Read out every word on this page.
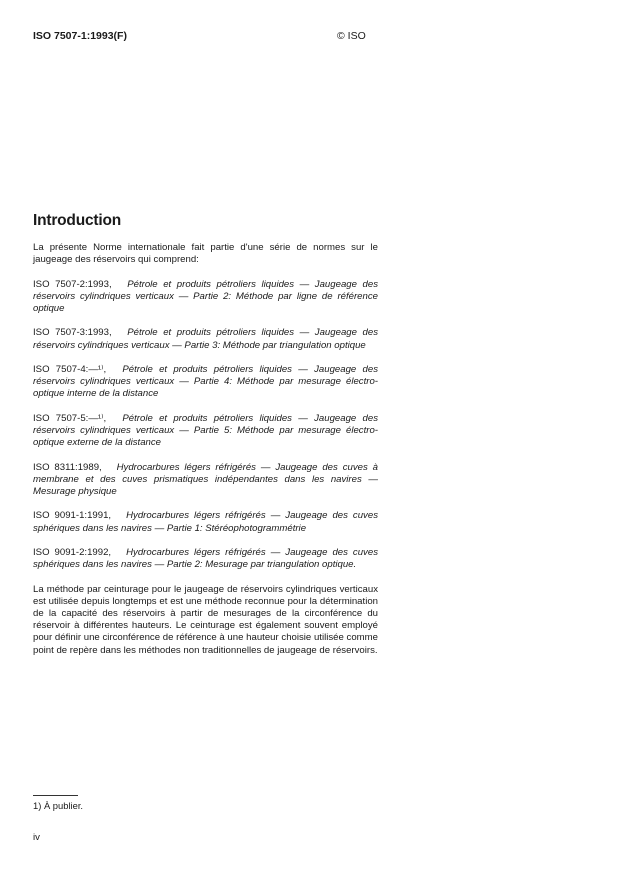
ISO 7507-1:1993(F)	© ISO
Introduction

La présente Norme internationale fait partie d'une série de normes sur le jaugeage des réservoirs qui comprend:

ISO 7507-2:1993, Pétrole et produits pétroliers liquides — Jaugeage des réservoirs cylindriques verticaux — Partie 2: Méthode par ligne de référence optique
ISO 7507-3:1993, Pétrole et produits pétroliers liquides — Jaugeage des réservoirs cylindriques verticaux — Partie 3: Méthode par triangulation optique
ISO 7507-4:—¹⁾, Pétrole et produits pétroliers liquides — Jaugeage des réservoirs cylindriques verticaux — Partie 4: Méthode par mesurage électro-optique interne de la distance
ISO 7507-5:—¹⁾, Pétrole et produits pétroliers liquides — Jaugeage des réservoirs cylindriques verticaux — Partie 5: Méthode par mesurage électro-optique externe de la distance
ISO 8311:1989, Hydrocarbures légers réfrigérés — Jaugeage des cuves à membrane et des cuves prismatiques indépendantes dans les navires — Mesurage physique
ISO 9091-1:1991, Hydrocarbures légers réfrigérés — Jaugeage des cuves sphériques dans les navires — Partie 1: Stéréophotogrammétrie
ISO 9091-2:1992, Hydrocarbures légers réfrigérés — Jaugeage des cuves sphériques dans les navires — Partie 2: Mesurage par triangulation optique.

La méthode par ceinturage pour le jaugeage de réservoirs cylindriques verticaux est utilisée depuis longtemps et est une méthode reconnue pour la détermination de la capacité des réservoirs à partir de mesurages de la circonférence du réservoir à différentes hauteurs. Le ceinturage est également souvent employé pour définir une circonférence de référence à une hauteur choisie utilisée comme point de repère dans les méthodes non traditionnelles de jaugeage de réservoirs.

1) À publier.
iv
